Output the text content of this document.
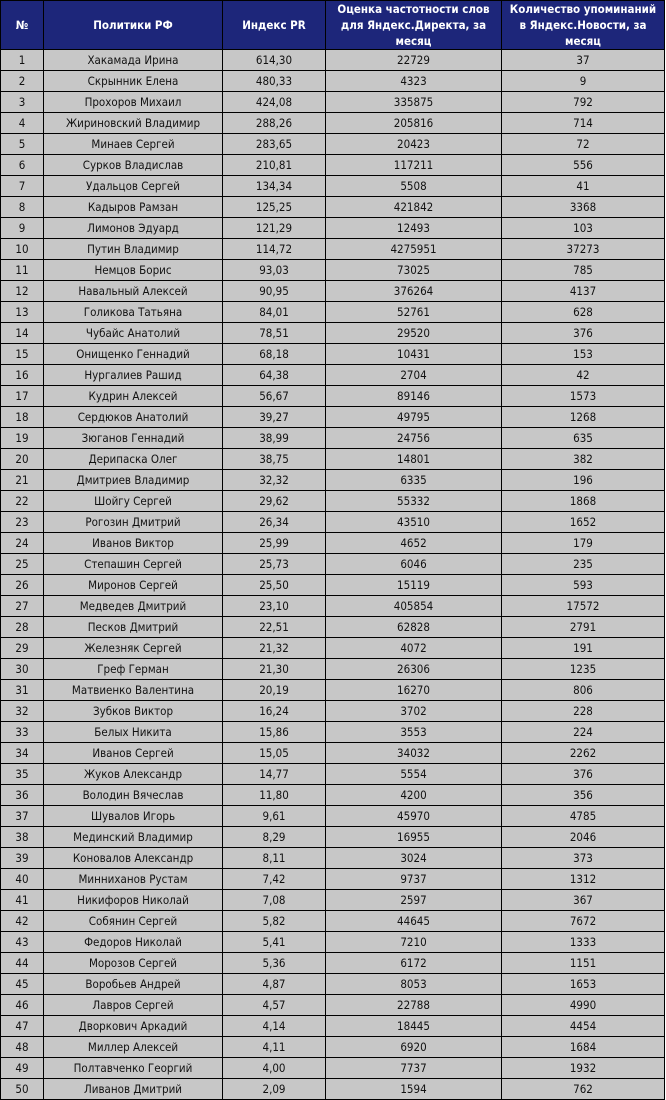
№	Политики РФ	Индекс PR	Оценка частотности слов для Яндекс.Директа, за месяц	Количество упоминаний в Яндекс.Новости, за месяц
1	Хакамада Ирина	614,30	22729	37
2	Скрынник Елена	480,33	4323	9
3	Прохоров Михаил	424,08	335875	792
4	Жириновский Владимир	288,26	205816	714
5	Минаев Сергей	283,65	20423	72
6	Сурков Владислав	210,81	117211	556
7	Удальцов Сергей	134,34	5508	41
8	Кадыров Рамзан	125,25	421842	3368
9	Лимонов Эдуард	121,29	12493	103
10	Путин Владимир	114,72	4275951	37273
11	Немцов Борис	93,03	73025	785
12	Навальный Алексей	90,95	376264	4137
13	Голикова Татьяна	84,01	52761	628
14	Чубайс Анатолий	78,51	29520	376
15	Онищенко Геннадий	68,18	10431	153
16	Нургалиев Рашид	64,38	2704	42
17	Кудрин Алексей	56,67	89146	1573
18	Сердюков Анатолий	39,27	49795	1268
19	Зюганов Геннадий	38,99	24756	635
20	Дерипаска Олег	38,75	14801	382
21	Дмитриев Владимир	32,32	6335	196
22	Шойгу Сергей	29,62	55332	1868
23	Рогозин Дмитрий	26,34	43510	1652
24	Иванов Виктор	25,99	4652	179
25	Степашин Сергей	25,73	6046	235
26	Миронов Сергей	25,50	15119	593
27	Медведев Дмитрий	23,10	405854	17572
28	Песков Дмитрий	22,51	62828	2791
29	Железняк Сергей	21,32	4072	191
30	Греф Герман	21,30	26306	1235
31	Матвиенко Валентина	20,19	16270	806
32	Зубков Виктор	16,24	3702	228
33	Белых Никита	15,86	3553	224
34	Иванов Сергей	15,05	34032	2262
35	Жуков Александр	14,77	5554	376
36	Володин Вячеслав	11,80	4200	356
37	Шувалов Игорь	9,61	45970	4785
38	Мединский Владимир	8,29	16955	2046
39	Коновалов Александр	8,11	3024	373
40	Минниханов Рустам	7,42	9737	1312
41	Никифоров Николай	7,08	2597	367
42	Собянин Сергей	5,82	44645	7672
43	Федоров Николай	5,41	7210	1333
44	Морозов Сергей	5,36	6172	1151
45	Воробьев Андрей	4,87	8053	1653
46	Лавров Сергей	4,57	22788	4990
47	Дворкович Аркадий	4,14	18445	4454
48	Миллер Алексей	4,11	6920	1684
49	Полтавченко Георгий	4,00	7737	1932
50	Ливанов Дмитрий	2,09	1594	762
